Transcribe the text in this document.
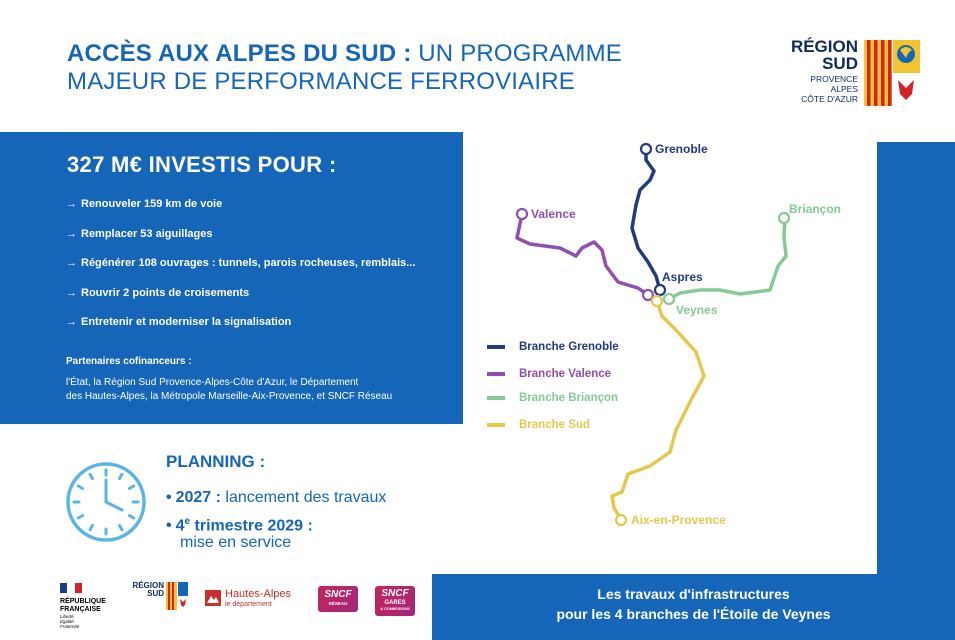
ACCÈS AUX ALPES DU SUD : UN PROGRAMME
MAJEUR DE PERFORMANCE FERROVIAIRE
RÉGION
SUD
PROVENCE
ALPES
CÔTE D'AZUR
327 M€ INVESTIS POUR :
→ Renouveler 159 km de voie
→ Remplacer 53 aiguillages
→ Régénérer 108 ouvrages : tunnels, parois rocheuses, remblais...
→ Rouvrir 2 points de croisements
→ Entretenir et moderniser la signalisation
Partenaires cofinanceurs :
l'État, la Région Sud Provence-Alpes-Côte d'Azur, le Département
des Hautes-Alpes, la Métropole Marseille-Aix-Provence, et SNCF Réseau
Les travaux d'infrastructures
pour les 4 branches de l'Étoile de Veynes
PLANNING :
• 2027 : lancement des travaux
• 4e trimestre 2029 :
mise en service
Grenoble
Valence	Briançon
Aspres
Veynes
Aix-en-Provence
Branche Grenoble
Branche Valence
Branche Briançon
Branche Sud
RÉPUBLIQUE
FRANÇAISE
Liberté
Égalité
Fraternité
RÉGION
SUD	Hautes-Alpes
le département
SNCF
RÉSEAU
SNCF
GARES
& CONNEXIONS
